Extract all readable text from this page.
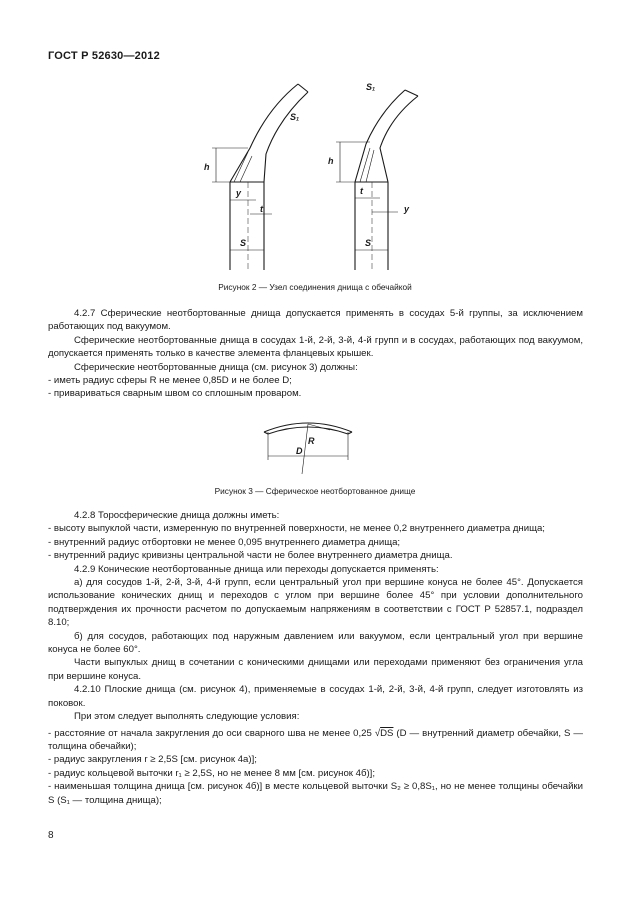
ГОСТ Р 52630—2012
h
y
t
S
S₁
h
t
y
S
S₁
Рисунок 2 — Узел соединения днища с обечайкой

4.2.7 Сферические неотбортованные днища допускается применять в сосудах 5-й группы, за исключением работающих под вакуумом.

Сферические неотбортованные днища в сосудах 1-й, 2-й, 3-й, 4-й групп и в сосудах, работающих под вакуумом, допускается применять только в качестве элемента фланцевых крышек.

Сферические неотбортованные днища (см. рисунок 3) должны:

- иметь радиус сферы R не менее 0,85D и не более D;

- привариваться сварным швом со сплошным проваром.

D
R
Рисунок 3 — Сферическое неотбортованное днище

4.2.8 Торосферические днища должны иметь:

- высоту выпуклой части, измеренную по внутренней поверхности, не менее 0,2 внутреннего диаметра днища;

- внутренний радиус отбортовки не менее 0,095 внутреннего диаметра днища;

- внутренний радиус кривизны центральной части не более внутреннего диаметра днища.

4.2.9 Конические неотбортованные днища или переходы допускается применять:

а) для сосудов 1-й, 2-й, 3-й, 4-й групп, если центральный угол при вершине конуса не более 45°. Допускается использование конических днищ и переходов с углом при вершине более 45° при условии дополнительного подтверждения их прочности расчетом по допускаемым напряжениям в соответствии с ГОСТ Р 52857.1, подраздел 8.10;

б) для сосудов, работающих под наружным давлением или вакуумом, если центральный угол при вершине конуса не более 60°.

Части выпуклых днищ в сочетании с коническими днищами или переходами применяют без ограничения угла при вершине конуса.

4.2.10 Плоские днища (см. рисунок 4), применяемые в сосудах 1-й, 2-й, 3-й, 4-й групп, следует изготовлять из поковок.

При этом следует выполнять следующие условия:

- расстояние от начала закругления до оси сварного шва не менее 0,25 √DS (D — внутренний диаметр обечайки, S — толщина обечайки);

- радиус закругления r ≥ 2,5S [см. рисунок 4а)];

- радиус кольцевой выточки r₁ ≥ 2,5S, но не менее 8 мм [см. рисунок 4б)];

- наименьшая толщина днища [см. рисунок 4б)] в месте кольцевой выточки S₂ ≥ 0,8S₁, но не менее толщины обечайки S (S₁ — толщина днища);

8
